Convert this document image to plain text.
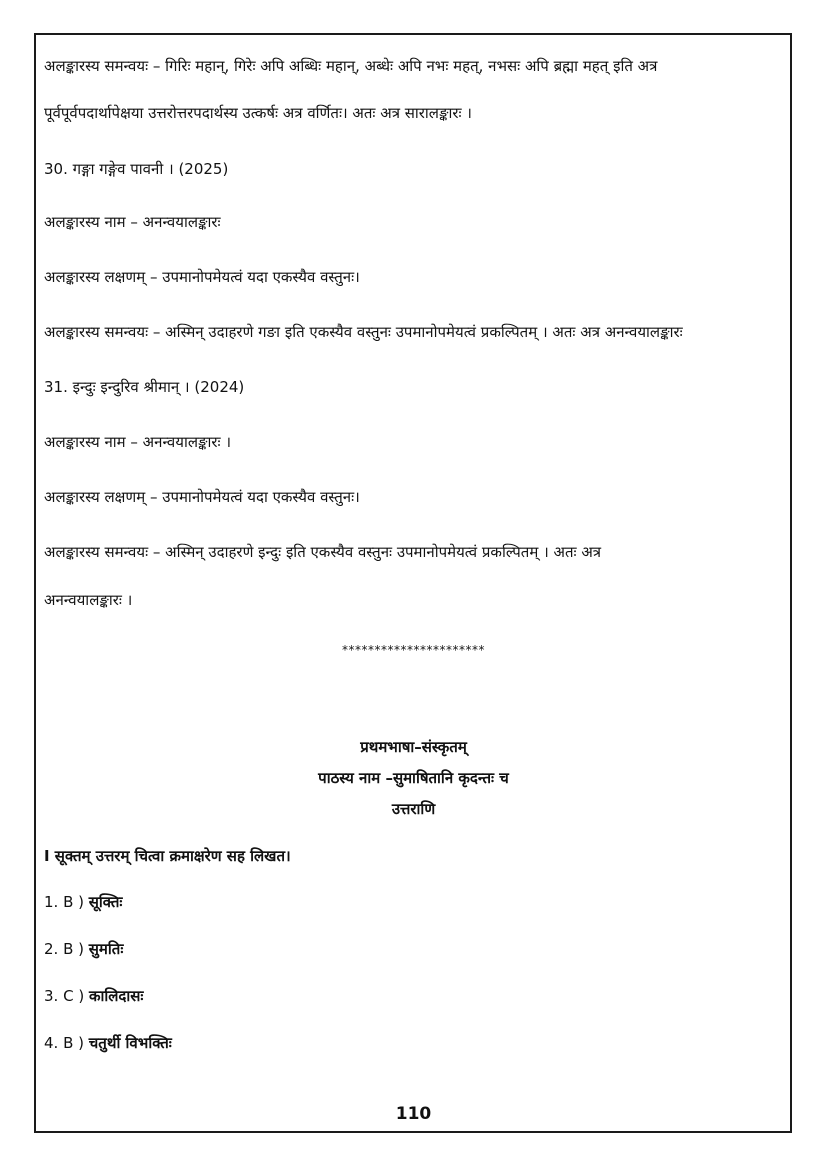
अलङ्कारस्य समन्वयः – गिरिः महान्, गिरेः अपि अब्धिः महान्, अब्धेः अपि नभः महत्, नभसः अपि ब्रह्मा महत् इति अत्र
पूर्वपूर्वपदार्थापेक्षया उत्तरोत्तरपदार्थस्य उत्कर्षः अत्र वर्णितः। अतः अत्र सारालङ्कारः ।
30. गङ्गा गङ्गेव पावनी । (2025)
अलङ्कारस्य नाम – अनन्वयालङ्कारः
अलङ्कारस्य लक्षणम् – उपमानोपमेयत्वं यदा एकस्यैव वस्तुनः।
अलङ्कारस्य समन्वयः – अस्मिन् उदाहरणे गङा इति एकस्यैव वस्तुनः उपमानोपमेयत्वं प्रकल्पितम् । अतः अत्र अनन्वयालङ्कारः
31. इन्दुः इन्दुरिव श्रीमान् । (2024)
अलङ्कारस्य नाम – अनन्वयालङ्कारः ।
अलङ्कारस्य लक्षणम् – उपमानोपमेयत्वं यदा एकस्यैव वस्तुनः।
अलङ्कारस्य समन्वयः – अस्मिन् उदाहरणे इन्दुः इति एकस्यैव वस्तुनः उपमानोपमेयत्वं प्रकल्पितम् । अतः अत्र
अनन्वयालङ्कारः ।
**********************
प्रथमभाषा–संस्कृतम्
पाठस्य नाम –सुमाषितानि कृदन्तः च
उत्तराणि
I सूक्तम् उत्तरम् चित्वा क्रमाक्षरेण सह लिखत।
1. B ) सूक्तिः
2. B ) सुमतिः
3. C ) कालिदासः
4. B ) चतुर्थी विभक्तिः
110
